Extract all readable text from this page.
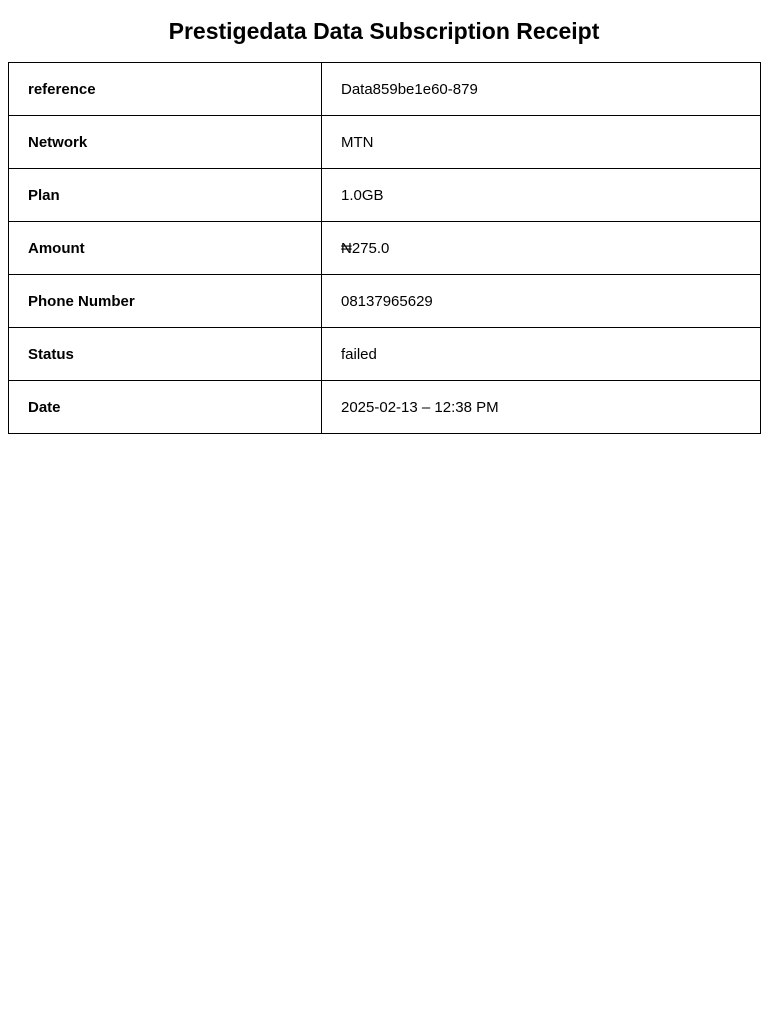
Prestigedata Data Subscription Receipt
reference	Data859be1e60-879
Network	MTN
Plan	1.0GB
Amount	₦275.0
Phone Number	08137965629
Status	failed
Date	2025-02-13 – 12:38 PM
